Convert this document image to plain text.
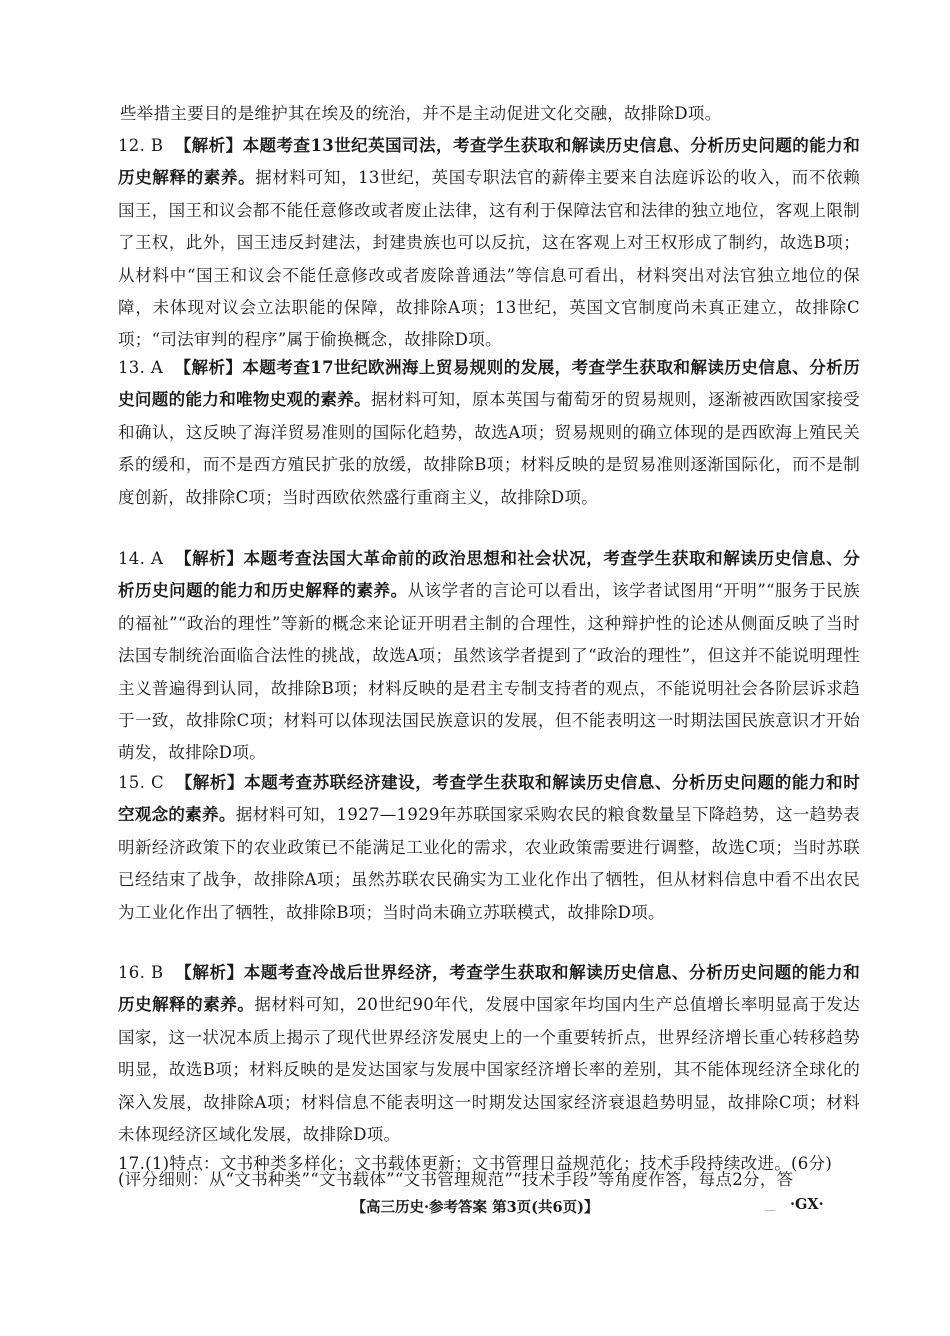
些举措主要目的是维护其在埃及的统治，并不是主动促进文化交融，故排除D项。
12. B 【解析】本题考查13世纪英国司法，考查学生获取和解读历史信息、分析历史问题的能力和历史解释的素养。据材料可知，13世纪，英国专职法官的薪俸主要来自法庭诉讼的收入，而不依赖国王，国王和议会都不能任意修改或者废止法律，这有利于保障法官和法律的独立地位，客观上限制了王权，此外，国王违反封建法，封建贵族也可以反抗，这在客观上对王权形成了制约，故选B项；从材料中“国王和议会不能任意修改或者废除普通法”等信息可看出，材料突出对法官独立地位的保障，未体现对议会立法职能的保障，故排除A项；13世纪，英国文官制度尚未真正建立，故排除C项；“司法审判的程序”属于偷换概念，故排除D项。
13. A 【解析】本题考查17世纪欧洲海上贸易规则的发展，考查学生获取和解读历史信息、分析历史问题的能力和唯物史观的素养。据材料可知，原本英国与葡萄牙的贸易规则，逐渐被西欧国家接受和确认，这反映了海洋贸易准则的国际化趋势，故选A项；贸易规则的确立体现的是西欧海上殖民关系的缓和，而不是西方殖民扩张的放缓，故排除B项；材料反映的是贸易准则逐渐国际化，而不是制度创新，故排除C项；当时西欧依然盛行重商主义，故排除D项。
14. A 【解析】本题考查法国大革命前的政治思想和社会状况，考查学生获取和解读历史信息、分析历史问题的能力和历史解释的素养。从该学者的言论可以看出，该学者试图用“开明”“服务于民族的福祉”“政治的理性”等新的概念来论证开明君主制的合理性，这种辩护性的论述从侧面反映了当时法国专制统治面临合法性的挑战，故选A项；虽然该学者提到了“政治的理性”，但这并不能说明理性主义普遍得到认同，故排除B项；材料反映的是君主专制支持者的观点，不能说明社会各阶层诉求趋于一致，故排除C项；材料可以体现法国民族意识的发展，但不能表明这一时期法国民族意识才开始萌发，故排除D项。
15. C 【解析】本题考查苏联经济建设，考查学生获取和解读历史信息、分析历史问题的能力和时空观念的素养。据材料可知，1927—1929年苏联国家采购农民的粮食数量呈下降趋势，这一趋势表明新经济政策下的农业政策已不能满足工业化的需求，农业政策需要进行调整，故选C项；当时苏联已经结束了战争，故排除A项；虽然苏联农民确实为工业化作出了牺牲，但从材料信息中看不出农民为工业化作出了牺牲，故排除B项；当时尚未确立苏联模式，故排除D项。
16. B 【解析】本题考查冷战后世界经济，考查学生获取和解读历史信息、分析历史问题的能力和历史解释的素养。据材料可知，20世纪90年代，发展中国家年均国内生产总值增长率明显高于发达国家，这一状况本质上揭示了现代世界经济发展史上的一个重要转折点，世界经济增长重心转移趋势明显，故选B项；材料反映的是发达国家与发展中国家经济增长率的差别，其不能体现经济全球化的深入发展，故排除A项；材料信息不能表明这一时期发达国家经济衰退趋势明显，故排除C项；材料未体现经济区域化发展，故排除D项。
17.(1)特点：文书种类多样化；文书载体更新；文书管理日益规范化；技术手段持续改进。(6分)
【高三历史·参考答案 第3页(共6页)】	·GX·
(评分细则：从“文书种类”“文书载体”“文书管理规范”“技术手段”等角度作答，每点2分，答
